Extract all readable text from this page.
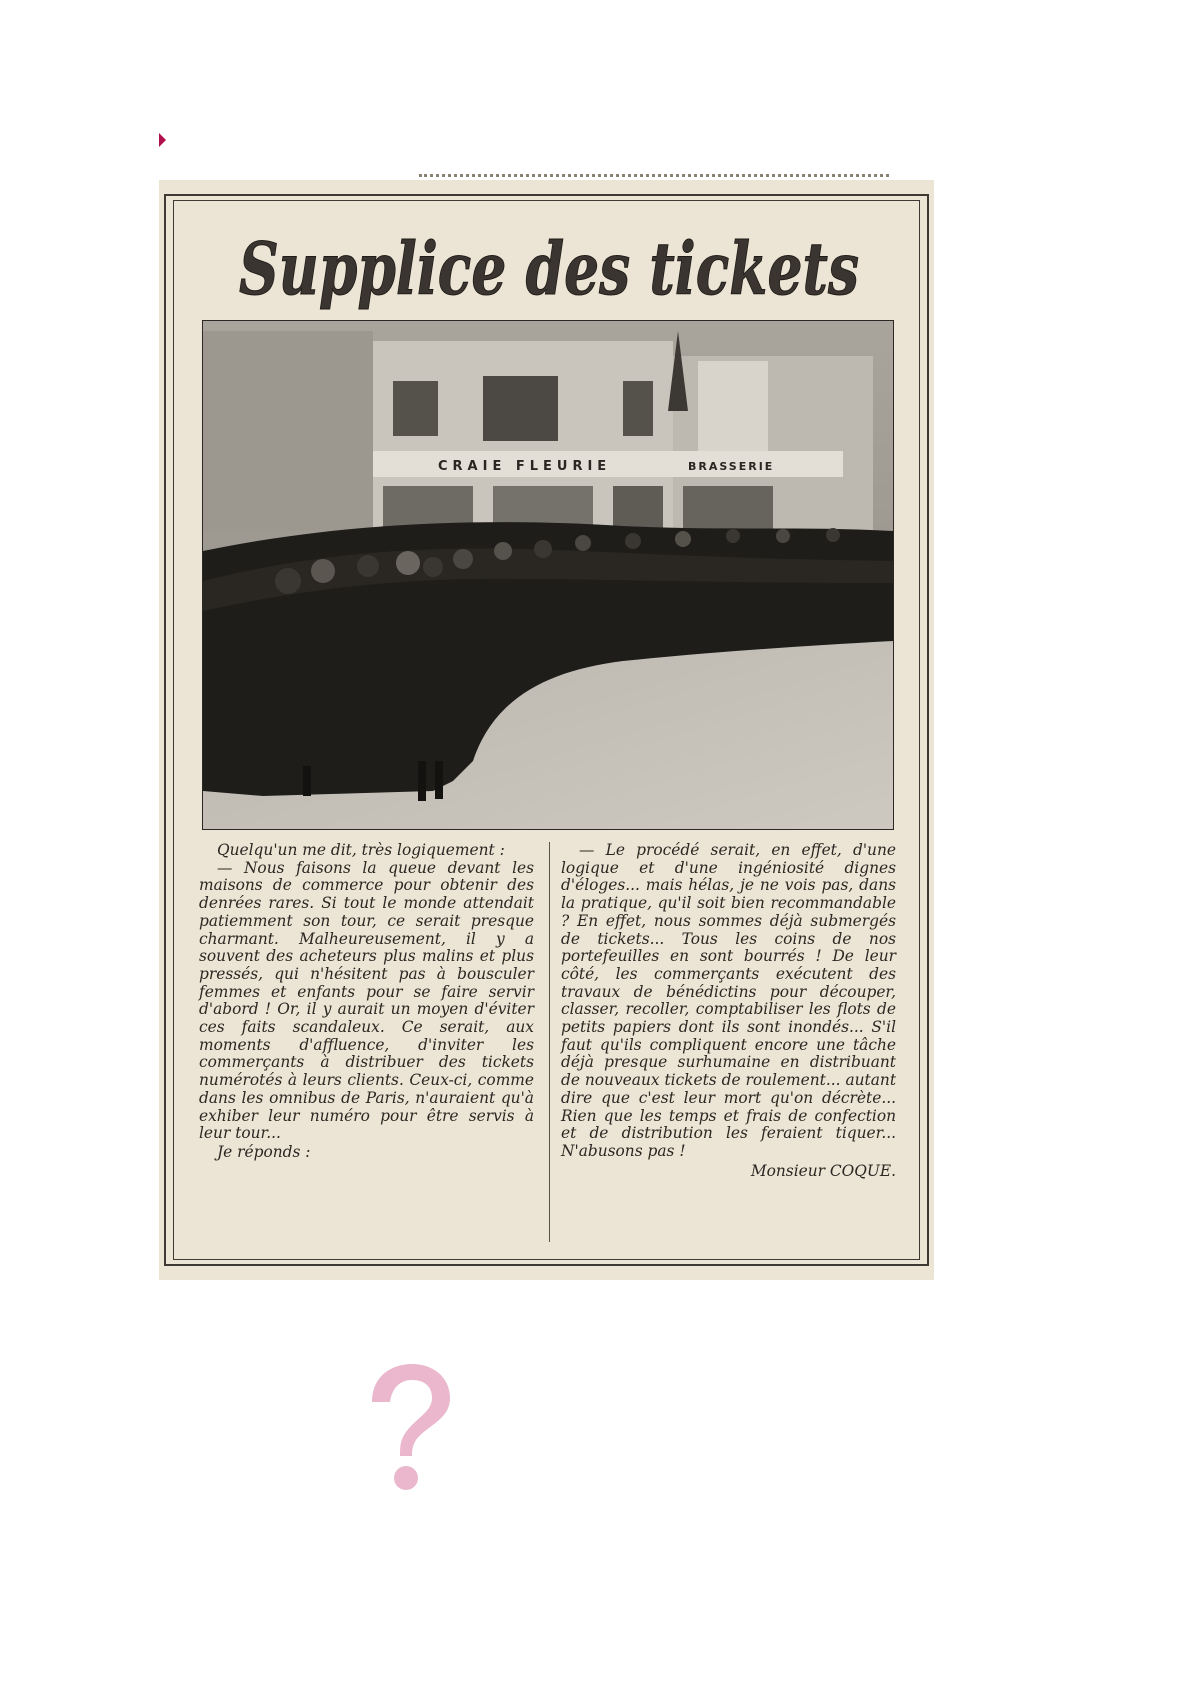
Supplice des tickets
CRAIE FLEURIE	BRASSERIE

Quelqu'un me dit, très logiquement :

— Nous faisons la queue devant les maisons de commerce pour obtenir des denrées rares. Si tout le monde attendait patiemment son tour, ce serait presque charmant. Malheureusement, il y a souvent des acheteurs plus malins et plus pressés, qui n'hésitent pas à bousculer femmes et enfants pour se faire servir d'abord ! Or, il y aurait un moyen d'éviter ces faits scandaleux. Ce serait, aux moments d'affluence, d'inviter les commerçants à distribuer des tickets numérotés à leurs clients. Ceux-ci, comme dans les omnibus de Paris, n'auraient qu'à exhiber leur numéro pour être servis à leur tour...

Je réponds :

— Le procédé serait, en effet, d'une logique et d'une ingéniosité dignes d'éloges... mais hélas, je ne vois pas, dans la pratique, qu'il soit bien recommandable ? En effet, nous sommes déjà submergés de tickets... Tous les coins de nos portefeuilles en sont bourrés ! De leur côté, les commerçants exécutent des travaux de bénédictins pour découper, classer, recoller, comptabiliser les flots de petits papiers dont ils sont inondés... S'il faut qu'ils compliquent encore une tâche déjà presque surhumaine en distribuant de nouveaux tickets de roulement... autant dire que c'est leur mort qu'on décrète... Rien que les temps et frais de confection et de distribution les feraient tiquer... N'abusons pas !

Monsieur COQUE.
